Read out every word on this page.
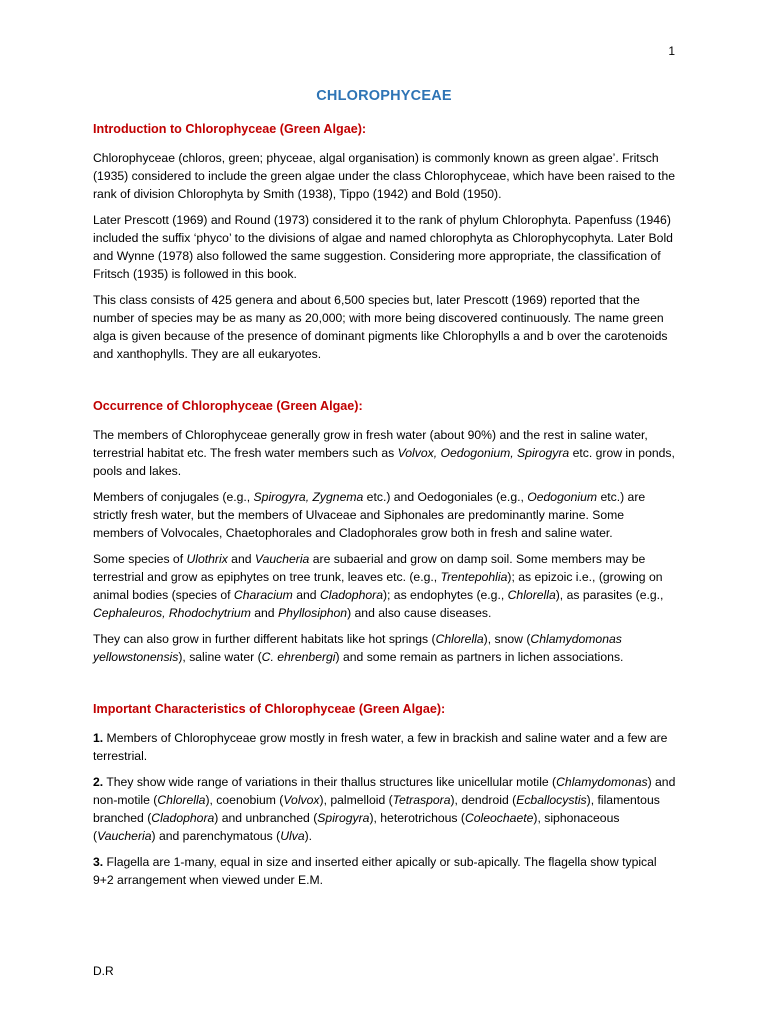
1
CHLOROPHYCEAE
Introduction to Chlorophyceae (Green Algae):

Chlorophyceae (chloros, green; phyceae, algal organisation) is commonly known as green algae’. Fritsch (1935) considered to include the green algae under the class Chlorophyceae, which have been raised to the rank of division Chlorophyta by Smith (1938), Tippo (1942) and Bold (1950).

Later Prescott (1969) and Round (1973) considered it to the rank of phylum Chlorophyta. Papenfuss (1946) included the suffix ‘phyco’ to the divisions of algae and named chlorophyta as Chlorophycophyta. Later Bold and Wynne (1978) also followed the same suggestion. Considering more appropriate, the classification of Fritsch (1935) is followed in this book.

This class consists of 425 genera and about 6,500 species but, later Prescott (1969) reported that the number of species may be as many as 20,000; with more being discovered continuously. The name green alga is given because of the presence of dominant pigments like Chlorophylls a and b over the carotenoids and xanthophylls. They are all eukaryotes.

Occurrence of Chlorophyceae (Green Algae):

The members of Chlorophyceae generally grow in fresh water (about 90%) and the rest in saline water, terrestrial habitat etc. The fresh water members such as Volvox, Oedogonium, Spirogyra etc. grow in ponds, pools and lakes.

Members of conjugales (e.g., Spirogyra, Zygnema etc.) and Oedogoniales (e.g., Oedogonium etc.) are strictly fresh water, but the members of Ulvaceae and Siphonales are predominantly marine. Some members of Volvocales, Chaetophorales and Cladophorales grow both in fresh and saline water.

Some species of Ulothrix and Vaucheria are subaerial and grow on damp soil. Some members may be terrestrial and grow as epiphytes on tree trunk, leaves etc. (e.g., Trentepohlia); as epizoic i.e., (growing on animal bodies (species of Characium and Cladophora); as endophytes (e.g., Chlorella), as parasites (e.g., Cephaleuros, Rhodochytrium and Phyllosiphon) and also cause diseases.

They can also grow in further different habitats like hot springs (Chlorella), snow (Chlamydomonas yellowstonensis), saline water (C. ehrenbergi) and some remain as partners in lichen associations.

Important Characteristics of Chlorophyceae (Green Algae):

1. Members of Chlorophyceae grow mostly in fresh water, a few in brackish and saline water and a few are terrestrial.

2. They show wide range of variations in their thallus structures like unicellular motile (Chlamydomonas) and non-motile (Chlorella), coenobium (Volvox), palmelloid (Tetraspora), dendroid (Ecballocystis), filamentous branched (Cladophora) and unbranched (Spirogyra), heterotrichous (Coleochaete), siphonaceous (Vaucheria) and parenchymatous (Ulva).

3. Flagella are 1-many, equal in size and inserted either apically or sub-apically. The flagella show typical 9+2 arrangement when viewed under E.M.

D.R
